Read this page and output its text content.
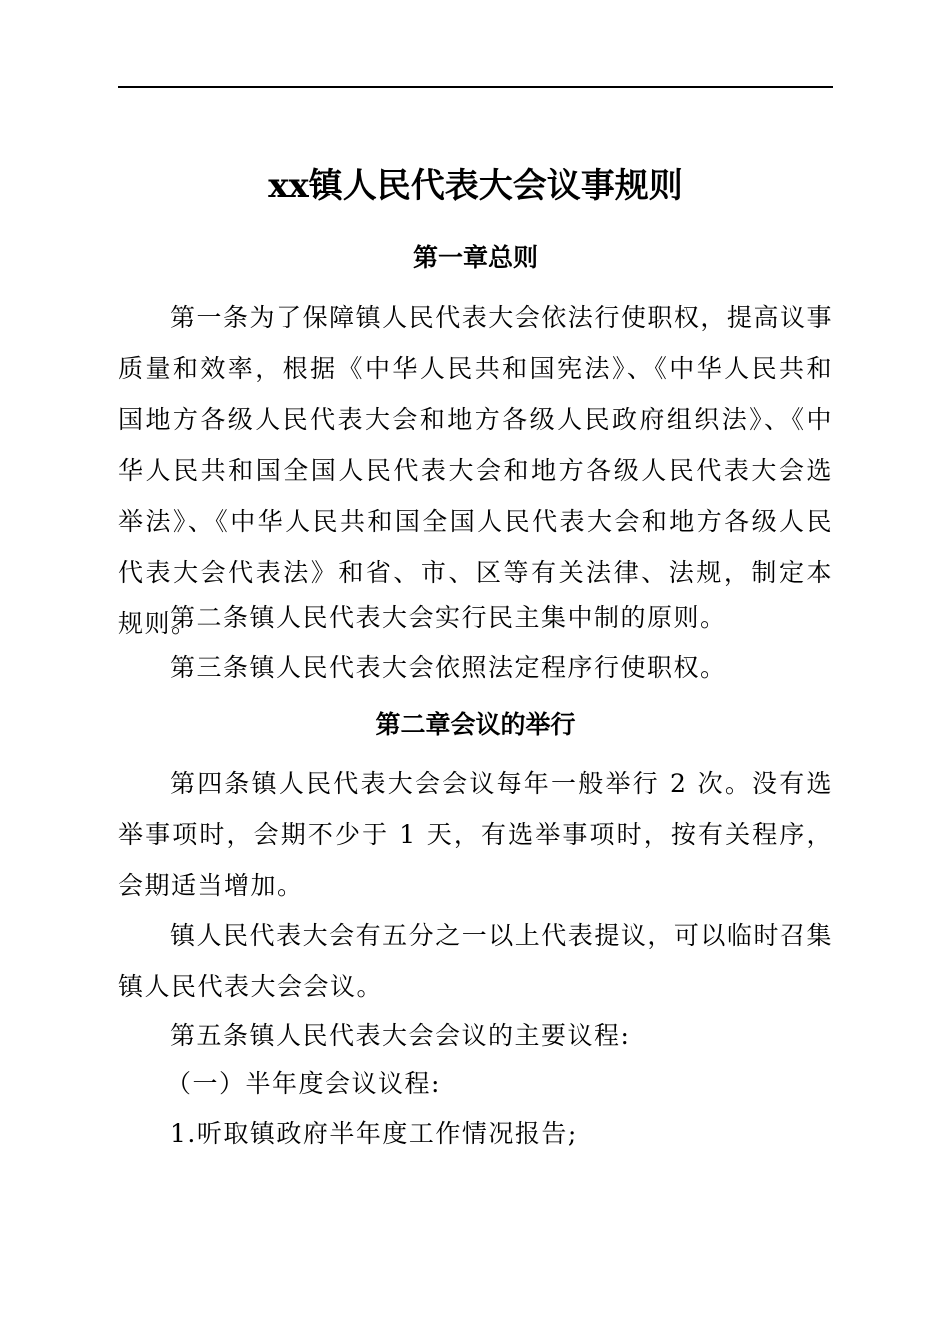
xx镇人民代表大会议事规则
第一章总则
第一条为了保障镇人民代表大会依法行使职权，提高议事质量和效率，根据《中华人民共和国宪法》、《中华人民共和国地方各级人民代表大会和地方各级人民政府组织法》、《中华人民共和国全国人民代表大会和地方各级人民代表大会选举法》、《中华人民共和国全国人民代表大会和地方各级人民代表大会代表法》和省、市、区等有关法律、法规，制定本规则。
第二条镇人民代表大会实行民主集中制的原则。
第三条镇人民代表大会依照法定程序行使职权。
第二章会议的举行
第四条镇人民代表大会会议每年一般举行 2 次。没有选举事项时，会期不少于 1 天，有选举事项时，按有关程序，会期适当增加。
镇人民代表大会有五分之一以上代表提议，可以临时召集镇人民代表大会会议。
第五条镇人民代表大会会议的主要议程:
（一）半年度会议议程:
1.听取镇政府半年度工作情况报告;
